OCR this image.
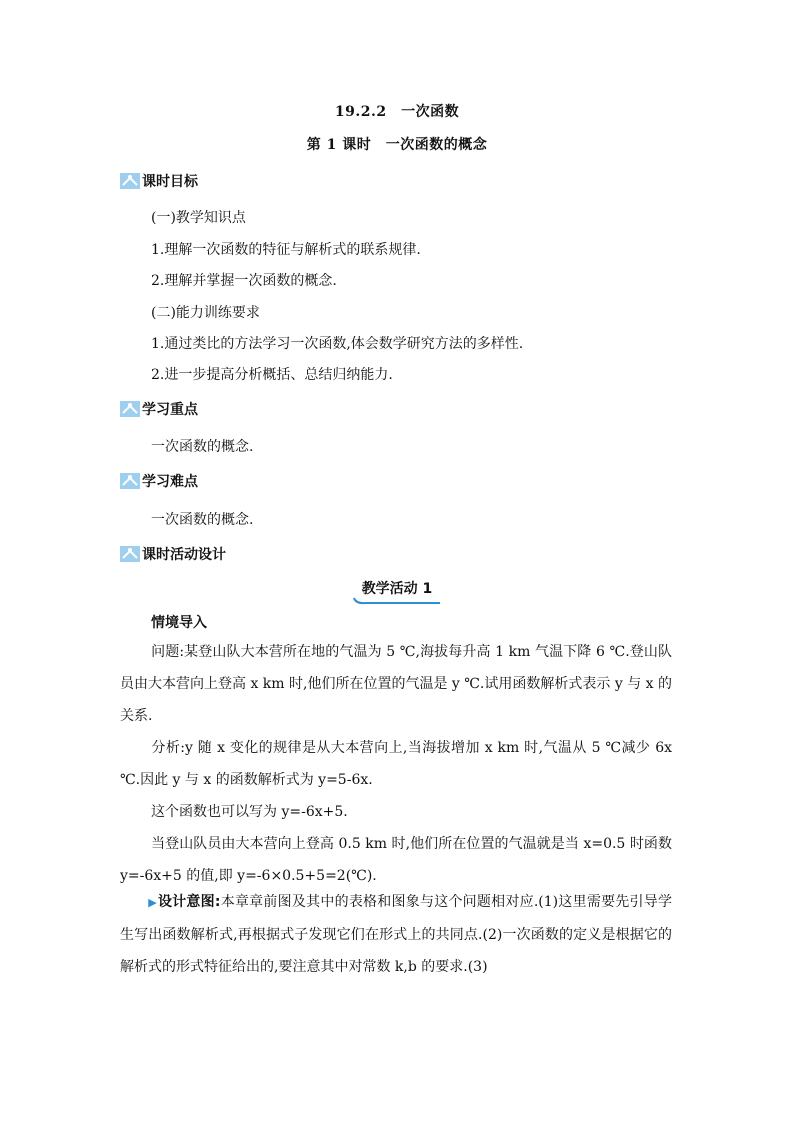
19.2.2　一次函数
第 1 课时　一次函数的概念
课时目标
(一)教学知识点
1.理解一次函数的特征与解析式的联系规律.
2.理解并掌握一次函数的概念.
(二)能力训练要求
1.通过类比的方法学习一次函数,体会数学研究方法的多样性.
2.进一步提高分析概括、总结归纳能力.
学习重点
一次函数的概念.
学习难点
一次函数的概念.
课时活动设计
教学活动 1
情境导入
问题:某登山队大本营所在地的气温为 5 ℃,海拔每升高 1 km 气温下降 6 ℃.登山队员由大本营向上登高 x km 时,他们所在位置的气温是 y ℃.试用函数解析式表示 y 与 x 的关系.
分析:y 随 x 变化的规律是从大本营向上,当海拔增加 x km 时,气温从 5 ℃减少 6x ℃.因此 y 与 x 的函数解析式为 y=5-6x.
这个函数也可以写为 y=-6x+5.
当登山队员由大本营向上登高 0.5 km 时,他们所在位置的气温就是当 x=0.5 时函数 y=-6x+5 的值,即 y=-6×0.5+5=2(℃).
▶设计意图:本章章前图及其中的表格和图象与这个问题相对应.(1)这里需要先引导学生写出函数解析式,再根据式子发现它们在形式上的共同点.(2)一次函数的定义是根据它的解析式的形式特征给出的,要注意其中对常数 k,b 的要求.(3)
